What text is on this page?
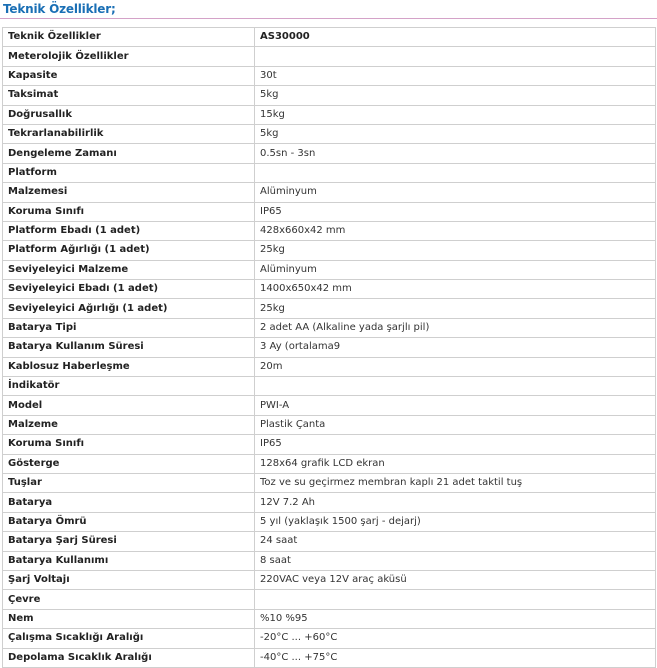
Teknik Özellikler;
Teknik Özellikler	AS30000
Meterolojik Özellikler	
Kapasite	30t
Taksimat	5kg
Doğrusallık	15kg
Tekrarlanabilirlik	5kg
Dengeleme Zamanı	0.5sn - 3sn
Platform	
Malzemesi	Alüminyum
Koruma Sınıfı	IP65
Platform Ebadı (1 adet)	428x660x42 mm
Platform Ağırlığı (1 adet)	25kg
Seviyeleyici Malzeme	Alüminyum
Seviyeleyici Ebadı (1 adet)	1400x650x42 mm
Seviyeleyici Ağırlığı (1 adet)	25kg
Batarya Tipi	2 adet AA (Alkaline yada şarjlı pil)
Batarya Kullanım Süresi	3 Ay (ortalama9
Kablosuz Haberleşme	20m
İndikatör	
Model	PWI-A
Malzeme	Plastik Çanta
Koruma Sınıfı	IP65
Gösterge	128x64 grafik LCD ekran
Tuşlar	Toz ve su geçirmez membran kaplı 21 adet taktil tuş
Batarya	12V 7.2 Ah
Batarya Ömrü	5 yıl (yaklaşık 1500 şarj - dejarj)
Batarya Şarj Süresi	24 saat
Batarya Kullanımı	8 saat
Şarj Voltajı	220VAC veya 12V araç aküsü
Çevre	
Nem	%10 %95
Çalışma Sıcaklığı Aralığı	-20°C ... +60°C
Depolama Sıcaklık Aralığı	-40°C ... +75°C
